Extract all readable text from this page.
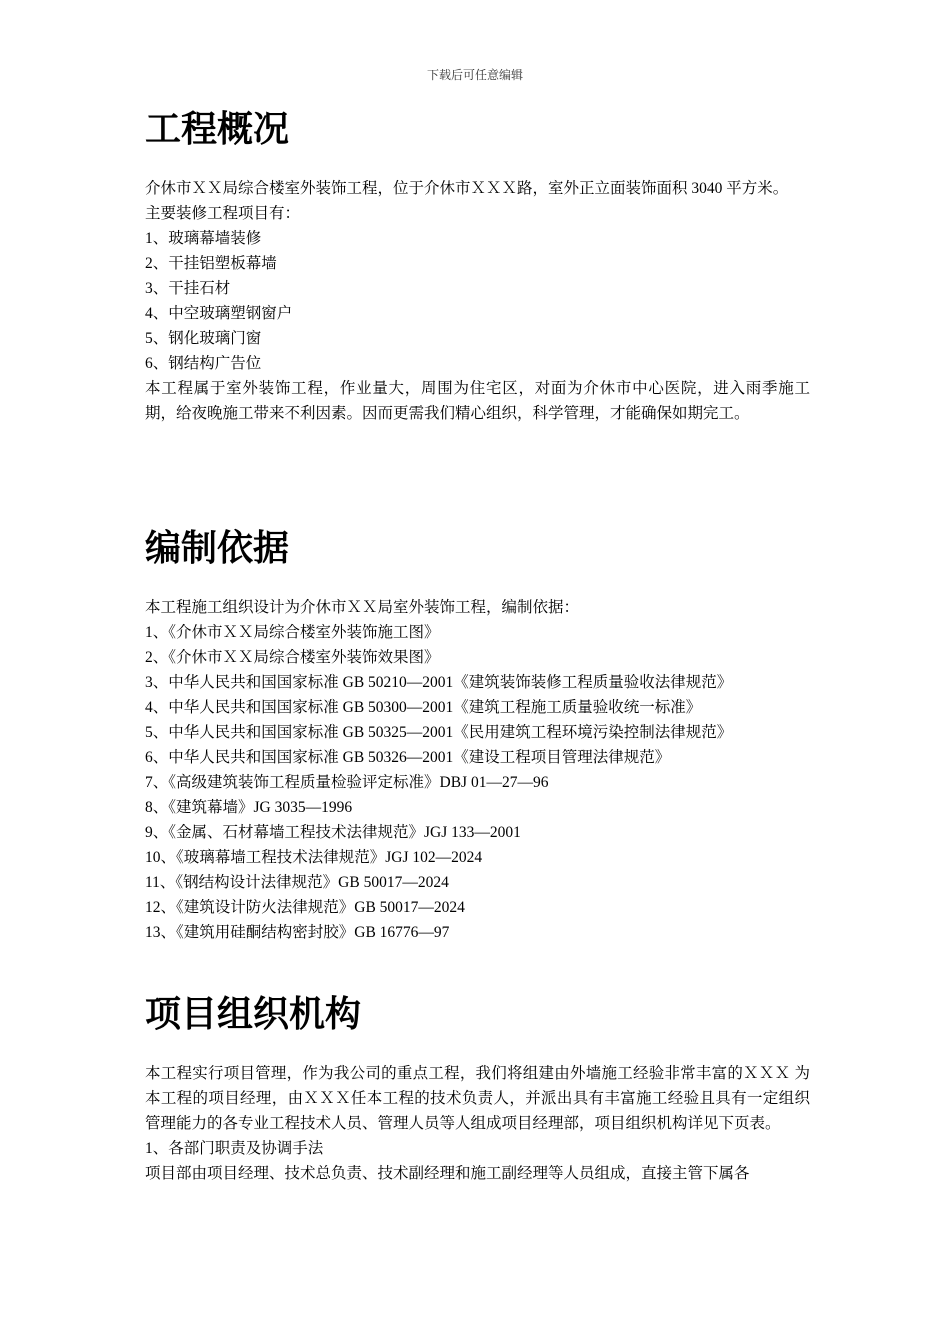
下载后可任意编辑
工程概况

介休市ＸＸ局综合楼室外装饰工程，位于介休市ＸＸＸ路，室外正立面装饰面积 3040 平方米。

主要装修工程项目有：

1、玻璃幕墙装修

2、干挂铝塑板幕墙

3、干挂石材

4、中空玻璃塑钢窗户

5、钢化玻璃门窗

6、钢结构广告位

本工程属于室外装饰工程，作业量大，周围为住宅区，对面为介休市中心医院，进入雨季施工期，给夜晚施工带来不利因素。因而更需我们精心组织，科学管理，才能确保如期完工。

编制依据

本工程施工组织设计为介休市ＸＸ局室外装饰工程，编制依据：

1、《介休市ＸＸ局综合楼室外装饰施工图》

2、《介休市ＸＸ局综合楼室外装饰效果图》

3、中华人民共和国国家标准 GB 50210—2001《建筑装饰装修工程质量验收法律规范》

4、中华人民共和国国家标准 GB 50300—2001《建筑工程施工质量验收统一标准》

5、中华人民共和国国家标准 GB 50325—2001《民用建筑工程环境污染控制法律规范》

6、中华人民共和国国家标准 GB 50326—2001《建设工程项目管理法律规范》

7、《高级建筑装饰工程质量检验评定标准》DBJ 01—27—96

8、《建筑幕墙》JG 3035—1996

9、《金属、石材幕墙工程技术法律规范》JGJ 133—2001

10、《玻璃幕墙工程技术法律规范》JGJ 102—2024

11、《钢结构设计法律规范》GB 50017—2024

12、《建筑设计防火法律规范》GB 50017—2024

13、《建筑用硅酮结构密封胶》GB 16776—97

项目组织机构

本工程实行项目管理，作为我公司的重点工程，我们将组建由外墙施工经验非常丰富的ＸＸＸ 为本工程的项目经理，由ＸＸＸ任本工程的技术负责人，并派出具有丰富施工经验且具有一定组织管理能力的各专业工程技术人员、管理人员等人组成项目经理部，项目组织机构详见下页表。

1、各部门职责及协调手法

项目部由项目经理、技术总负责、技术副经理和施工副经理等人员组成，直接主管下属各
